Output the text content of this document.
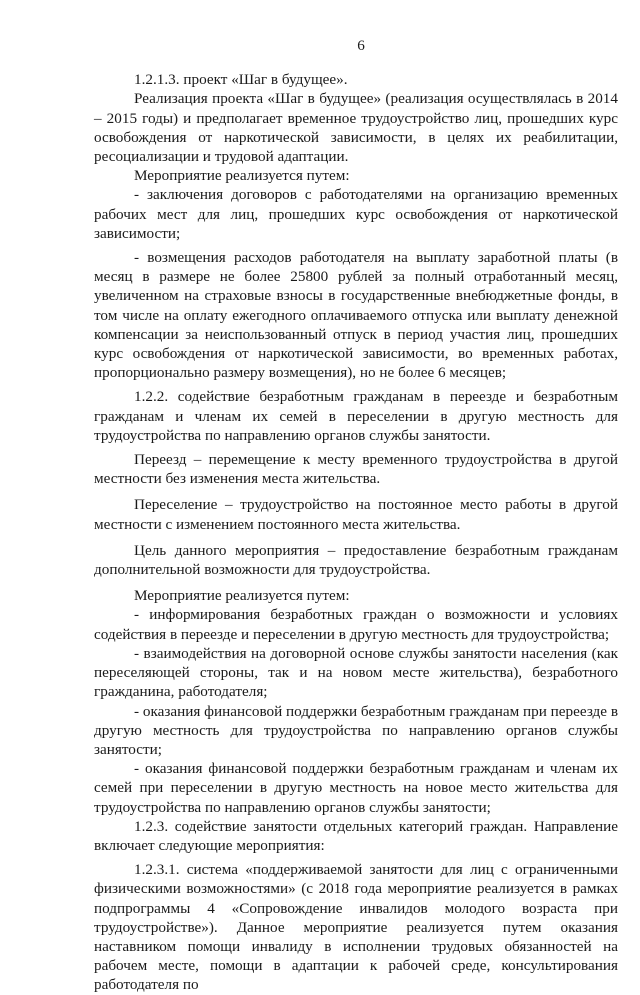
6

1.2.1.3. проект «Шаг в будущее».

Реализация проекта «Шаг в будущее» (реализация осуществлялась в 2014 – 2015 годы) и предполагает временное трудоустройство лиц, прошедших курс освобождения от наркотической зависимости, в целях их реабилитации, ресоциализации и трудовой адаптации.

Мероприятие реализуется путем:

- заключения договоров с работодателями на организацию временных рабочих мест для лиц, прошедших курс освобождения от наркотической зависимости;

- возмещения расходов работодателя на выплату заработной платы (в месяц в размере не более 25800 рублей за полный отработанный месяц, увеличенном на страховые взносы в государственные внебюджетные фонды, в том числе на оплату ежегодного оплачиваемого отпуска или выплату денежной компенсации за неиспользованный отпуск в период участия лиц, прошедших курс освобождения от наркотической зависимости, во временных работах, пропорционально размеру возмещения), но не более 6 месяцев;

1.2.2. содействие безработным гражданам в переезде и безработным гражданам и членам их семей в переселении в другую местность для трудоустройства по направлению органов службы занятости.

Переезд – перемещение к месту временного трудоустройства в другой местности без изменения места жительства.

Переселение – трудоустройство на постоянное место работы в другой местности с изменением постоянного места жительства.

Цель данного мероприятия – предоставление безработным гражданам дополнительной возможности для трудоустройства.

Мероприятие реализуется путем:

- информирования безработных граждан о возможности и условиях содействия в переезде и переселении в другую местность для трудоустройства;

- взаимодействия на договорной основе службы занятости населения (как переселяющей стороны, так и на новом месте жительства), безработного гражданина, работодателя;

- оказания финансовой поддержки безработным гражданам при переезде в другую местность для трудоустройства по направлению органов службы занятости;

- оказания финансовой поддержки безработным гражданам и членам их семей при переселении в другую местность на новое место жительства для трудоустройства по направлению органов службы занятости;

1.2.3. содействие занятости отдельных категорий граждан. Направление включает следующие мероприятия:

1.2.3.1. система «поддерживаемой занятости для лиц с ограниченными физическими возможностями» (с 2018 года мероприятие реализуется в рамках подпрограммы 4 «Сопровождение инвалидов молодого возраста при трудоустройстве»). Данное мероприятие реализуется путем оказания наставником помощи инвалиду в исполнении трудовых обязанностей на рабочем месте, помощи в адаптации к рабочей среде, консультирования работодателя по
